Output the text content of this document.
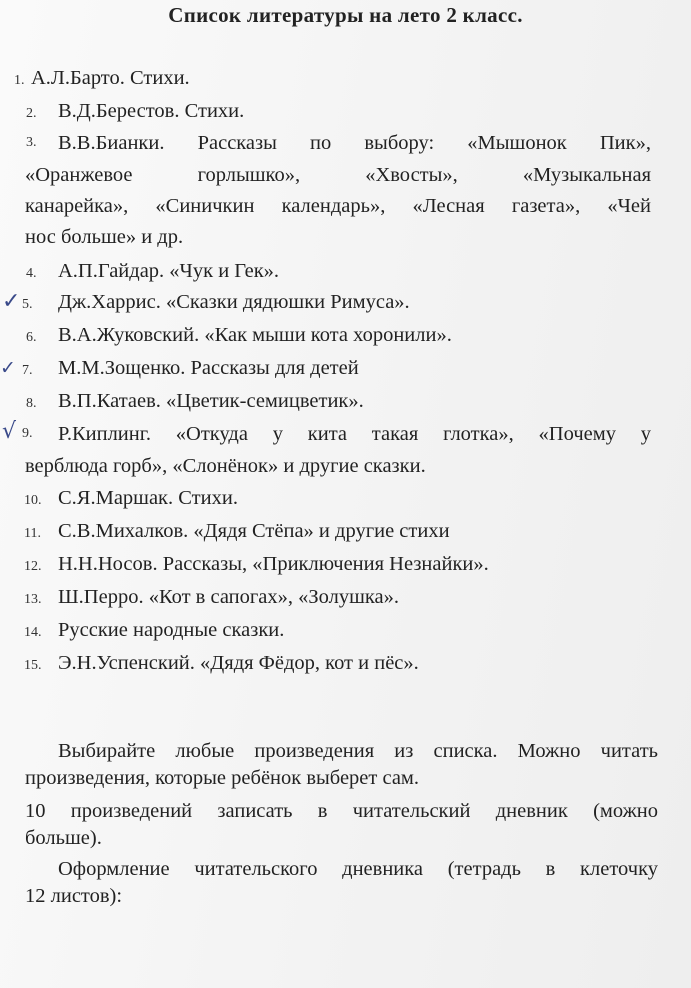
Список литературы на лето 2 класс.
1. А.Л.Барто. Стихи.
2. В.Д.Берестов. Стихи.
3. В.В.Бианки. Рассказы по выбору: «Мышонок Пик»,
«Оранжевое горлышко», «Хвосты», «Музыкальная
канарейка», «Синичкин календарь», «Лесная газета», «Чей
нос больше» и др.
4. А.П.Гайдар. «Чук и Гек».
✓ 5. Дж.Харрис. «Сказки дядюшки Римуса».
6. В.А.Жуковский. «Как мыши кота хоронили».
✓ 7. М.М.Зощенко. Рассказы для детей
8. В.П.Катаев. «Цветик-семицветик».
√ 9. Р.Киплинг. «Откуда у кита такая глотка», «Почему у
верблюда горб», «Слонёнок» и другие сказки.
10. С.Я.Маршак. Стихи.
11. С.В.Михалков. «Дядя Стёпа» и другие стихи
12. Н.Н.Носов. Рассказы, «Приключения Незнайки».
13. Ш.Перро. «Кот в сапогах», «Золушка».
14. Русские народные сказки.
15. Э.Н.Успенский. «Дядя Фёдор, кот и пёс».
Выбирайте любые произведения из списка. Можно читать
произведения, которые ребёнок выберет сам.
10 произведений записать в читательский дневник (можно
больше).
Оформление читательского дневника (тетрадь в клеточку
12 листов):
